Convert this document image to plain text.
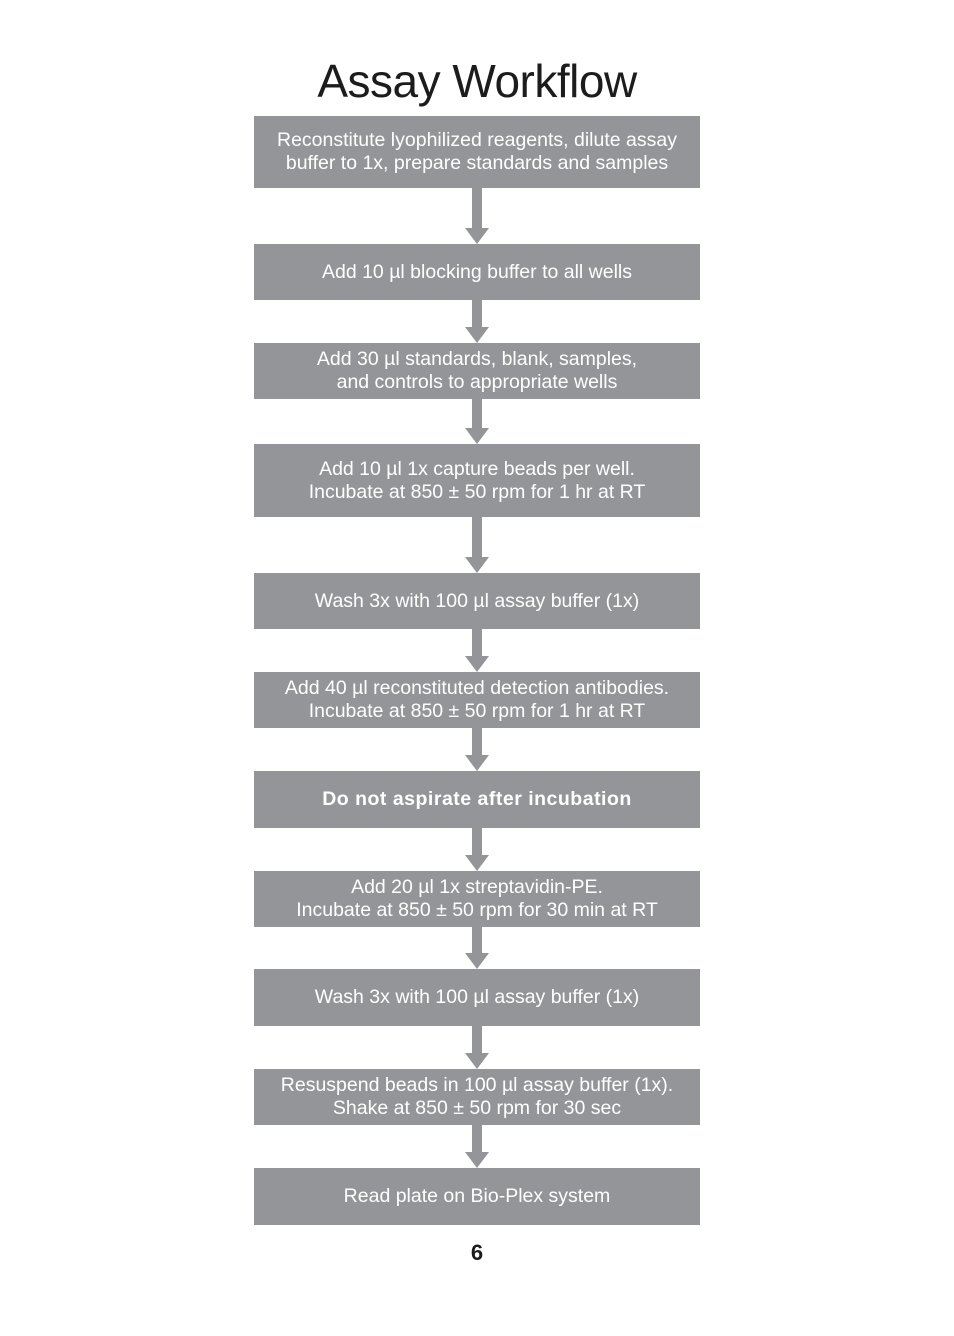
Assay Workflow
Reconstitute lyophilized reagents, dilute assay
buffer to 1x, prepare standards and samples
Add 10 µl blocking buffer to all wells
Add 30 µl standards, blank, samples,
and controls to appropriate wells
Add 10 µl 1x capture beads per well.
Incubate at 850 ± 50 rpm for 1 hr at RT
Wash 3x with 100 µl assay buffer (1x)
Add 40 µl reconstituted detection antibodies.
Incubate at 850 ± 50 rpm for 1 hr at RT
Do not aspirate after incubation
Add 20 µl 1x streptavidin-PE.
Incubate at 850 ± 50 rpm for 30 min at RT
Wash 3x with 100 µl assay buffer (1x)
Resuspend beads in 100 µl assay buffer (1x).
Shake at 850 ± 50 rpm for 30 sec
Read plate on Bio-Plex system
6
